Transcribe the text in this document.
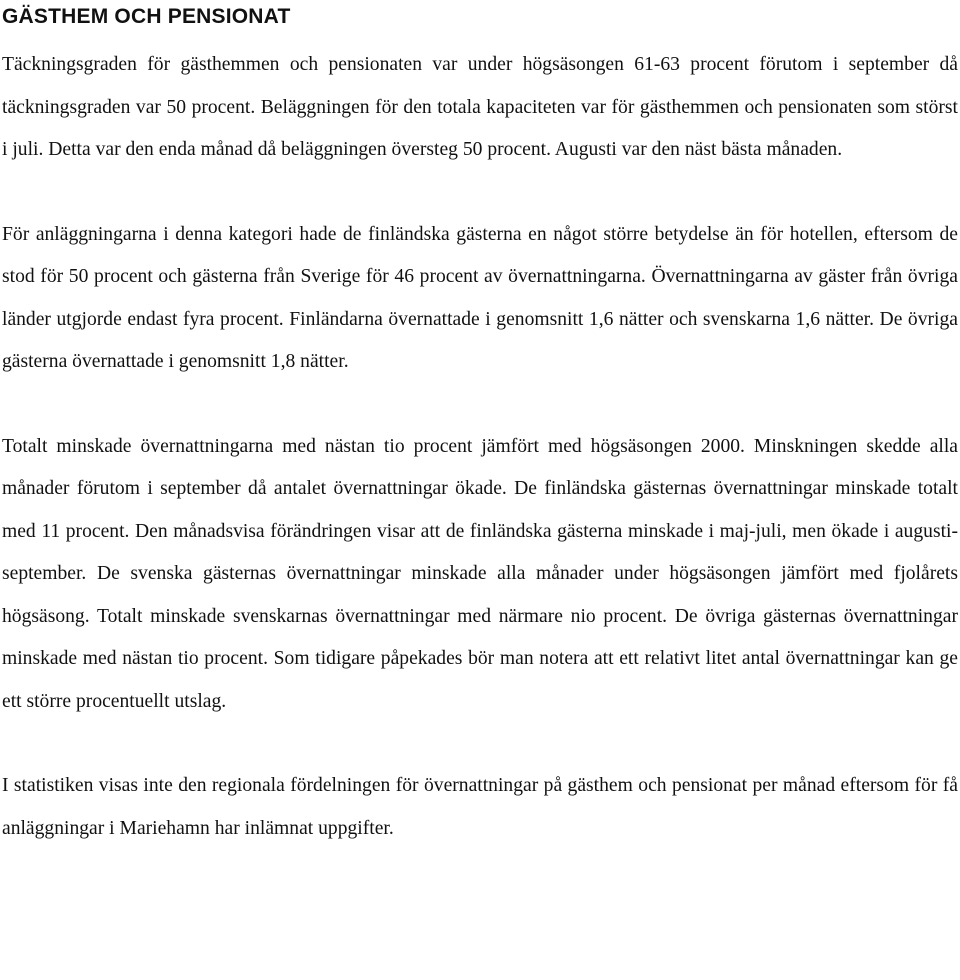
GÄSTHEM OCH PENSIONAT

Täckningsgraden för gästhemmen och pensionaten var under högsäsongen 61-63 procent förutom i september då täckningsgraden var 50 procent. Beläggningen för den totala kapaciteten var för gästhemmen och pensionaten som störst i juli. Detta var den enda månad då beläggningen översteg 50 procent. Augusti var den näst bästa månaden.

För anläggningarna i denna kategori hade de finländska gästerna en något större betydelse än för hotellen, eftersom de stod för 50 procent och gästerna från Sverige för 46 procent av övernattningarna. Övernattningarna av gäster från övriga länder utgjorde endast fyra procent. Finländarna övernattade i genomsnitt 1,6 nätter och svenskarna 1,6 nätter. De övriga gästerna övernattade i genomsnitt 1,8 nätter.

Totalt minskade övernattningarna med nästan tio procent jämfört med högsäsongen 2000. Minskningen skedde alla månader förutom i september då antalet övernattningar ökade. De finländska gästernas övernattningar minskade totalt med 11 procent. Den månadsvisa förändringen visar att de finländska gästerna minskade i maj-juli, men ökade i augusti-september. De svenska gästernas övernattningar minskade alla månader under högsäsongen jämfört med fjolårets högsäsong. Totalt minskade svenskarnas övernattningar med närmare nio procent. De övriga gästernas övernattningar minskade med nästan tio procent. Som tidigare påpekades bör man notera att ett relativt litet antal övernattningar kan ge ett större procentuellt utslag.

I statistiken visas inte den regionala fördelningen för övernattningar på gästhem och pensionat per månad eftersom för få anläggningar i Mariehamn har inlämnat uppgifter.
